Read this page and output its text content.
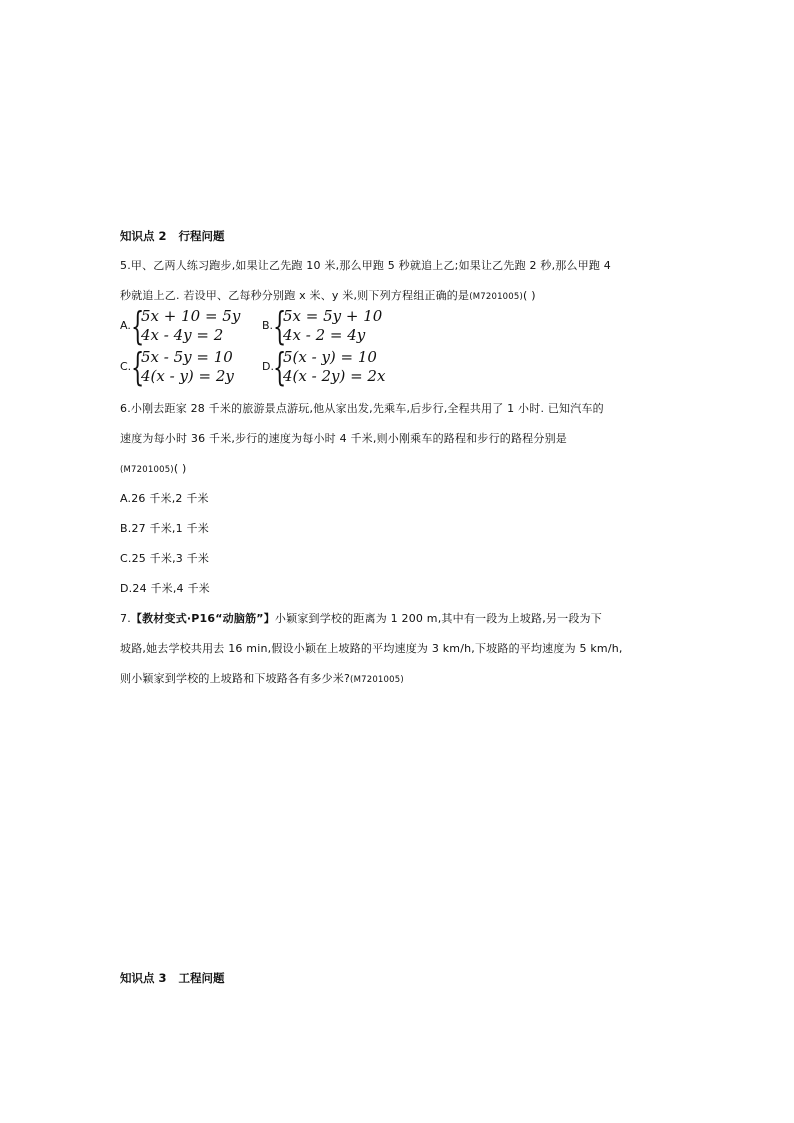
知识点 2 行程问题
5.甲、乙两人练习跑步,如果让乙先跑 10 米,那么甲跑 5 秒就追上乙;如果让乙先跑 2 秒,那么甲跑 4
秒就追上乙. 若设甲、乙每秒分别跑 x 米、y 米,则下列方程组正确的是(M7201005)( )
A. {
5x + 10 = 5y
4x - 4y = 2
B. {
5x = 5y + 10
4x - 2 = 4y
C. {
5x - 5y = 10
4(x - y) = 2y
D. {
5(x - y) = 10
4(x - 2y) = 2x
6.小刚去距家 28 千米的旅游景点游玩,他从家出发,先乘车,后步行,全程共用了 1 小时. 已知汽车的
速度为每小时 36 千米,步行的速度为每小时 4 千米,则小刚乘车的路程和步行的路程分别是
(M7201005)( )
A.26 千米,2 千米
B.27 千米,1 千米
C.25 千米,3 千米
D.24 千米,4 千米
7.【教材变式·P16“动脑筋”】小颖家到学校的距离为 1 200 m,其中有一段为上坡路,另一段为下
坡路,她去学校共用去 16 min,假设小颖在上坡路的平均速度为 3 km/h,下坡路的平均速度为 5 km/h,
则小颖家到学校的上坡路和下坡路各有多少米?(M7201005)
知识点 3 工程问题
